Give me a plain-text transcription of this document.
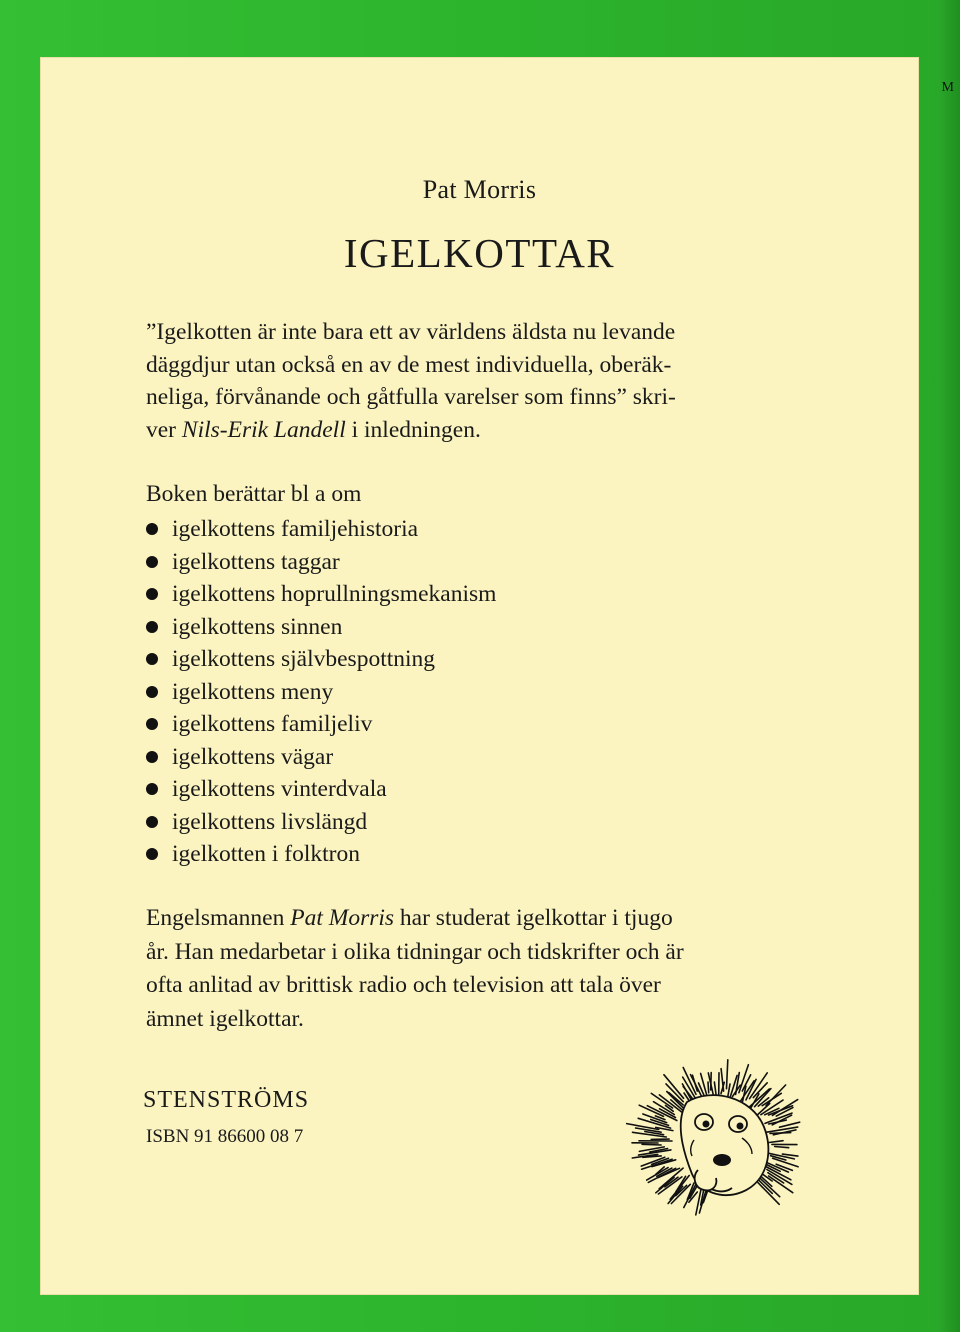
M
Pat Morris
IGELKOTTAR

”Igelkotten är inte bara ett av världens äldsta nu levande

däggdjur utan också en av de mest individuella, oberäk-

neliga, förvånande och gåtfulla varelser som finns” skri-

ver Nils-Erik Landell i inledningen.

Boken berättar bl a om
igelkottens familjehistoria
igelkottens taggar
igelkottens hoprullningsmekanism
igelkottens sinnen
igelkottens självbespottning
igelkottens meny
igelkottens familjeliv
igelkottens vägar
igelkottens vinterdvala
igelkottens livslängd
igelkotten i folktron

Engelsmannen Pat Morris har studerat igelkottar i tjugo

år. Han medarbetar i olika tidningar och tidskrifter och är

ofta anlitad av brittisk radio och television att tala över

ämnet igelkottar.

STENSTRÖMS
ISBN 91 86600 08 7
